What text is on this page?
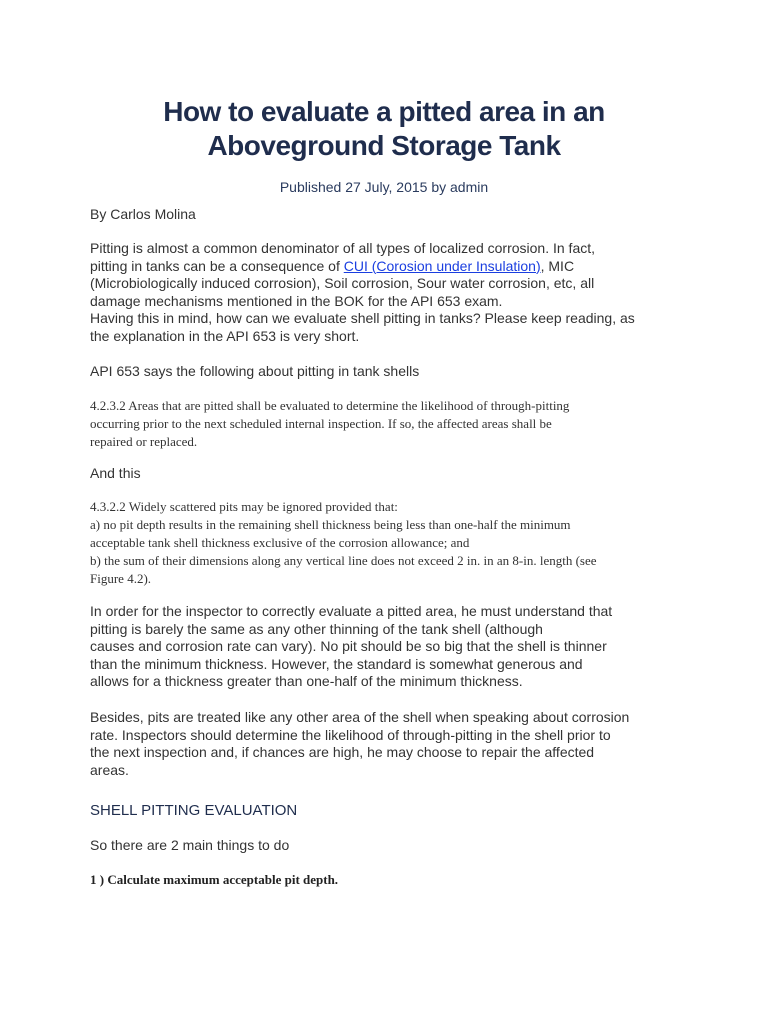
How to evaluate a pitted area in an
Aboveground Storage Tank
Published 27 July, 2015 by admin

By Carlos Molina

Pitting is almost a common denominator of all types of localized corrosion. In fact,
pitting in tanks can be a consequence of CUI (Corosion under Insulation), MIC
(Microbiologically induced corrosion), Soil corrosion, Sour water corrosion, etc, all
damage mechanisms mentioned in the BOK for the API 653 exam.
Having this in mind, how can we evaluate shell pitting in tanks? Please keep reading, as
the explanation in the API 653 is very short.

API 653 says the following about pitting in tank shells

4.2.3.2 Areas that are pitted shall be evaluated to determine the likelihood of through-pitting
occurring prior to the next scheduled internal inspection. If so, the affected areas shall be
repaired or replaced.

And this

4.3.2.2 Widely scattered pits may be ignored provided that:
a) no pit depth results in the remaining shell thickness being less than one-half the minimum
acceptable tank shell thickness exclusive of the corrosion allowance; and
b) the sum of their dimensions along any vertical line does not exceed 2 in. in an 8-in. length (see
Figure 4.2).

In order for the inspector to correctly evaluate a pitted area, he must understand that
pitting is barely the same as any other thinning of the tank shell (although
causes and corrosion rate can vary). No pit should be so big that the shell is thinner
than the minimum thickness. However, the standard is somewhat generous and
allows for a thickness greater than one-half of the minimum thickness.

Besides, pits are treated like any other area of the shell when speaking about corrosion
rate. Inspectors should determine the likelihood of through-pitting in the shell prior to
the next inspection and, if chances are high, he may choose to repair the affected
areas.

SHELL PITTING EVALUATION

So there are 2 main things to do

1 ) Calculate maximum acceptable pit depth.
